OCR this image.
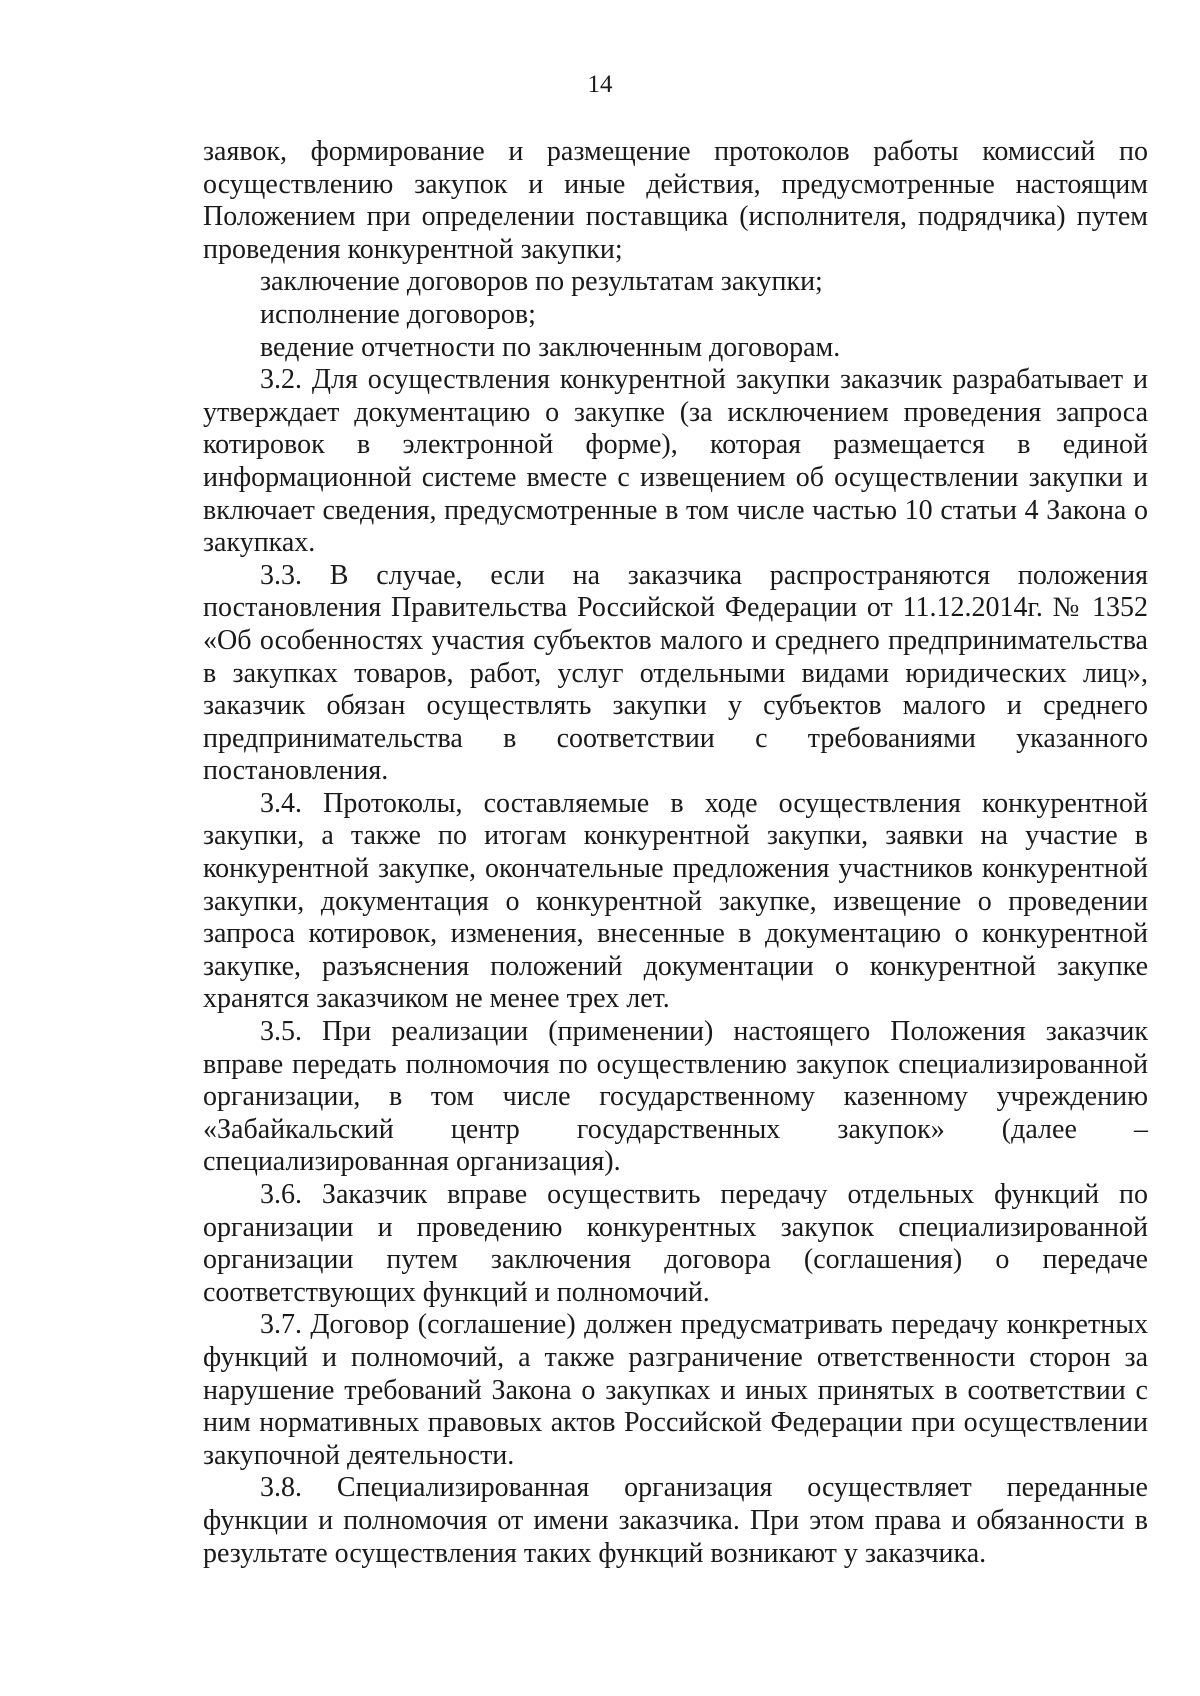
14

заявок, формирование и размещение протоколов работы комиссий по осуществлению закупок и иные действия, предусмотренные настоящим Положением при определении поставщика (исполнителя, подрядчика) путем проведения конкурентной закупки;

заключение договоров по результатам закупки;

исполнение договоров;

ведение отчетности по заключенным договорам.

3.2. Для осуществления конкурентной закупки заказчик разрабатывает и утверждает документацию о закупке (за исключением проведения запроса котировок в электронной форме), которая размещается в единой информационной системе вместе с извещением об осуществлении закупки и включает сведения, предусмотренные в том числе частью 10 статьи 4 Закона о закупках.

3.3. В случае, если на заказчика распространяются положения постановления Правительства Российской Федерации от 11.12.2014г. № 1352 «Об особенностях участия субъектов малого и среднего предпринимательства в закупках товаров, работ, услуг отдельными видами юридических лиц», заказчик обязан осуществлять закупки у субъектов малого и среднего предпринимательства в соответствии с требованиями указанного постановления.

3.4. Протоколы, составляемые в ходе осуществления конкурентной закупки, а также по итогам конкурентной закупки, заявки на участие в конкурентной закупке, окончательные предложения участников конкурентной закупки, документация о конкурентной закупке, извещение о проведении запроса котировок, изменения, внесенные в документацию о конкурентной закупке, разъяснения положений документации о конкурентной закупке хранятся заказчиком не менее трех лет.

3.5. При реализации (применении) настоящего Положения заказчик вправе передать полномочия по осуществлению закупок специализированной организации, в том числе государственному казенному учреждению «Забайкальский центр государственных закупок» (далее – специализированная организация).

3.6. Заказчик вправе осуществить передачу отдельных функций по организации и проведению конкурентных закупок специализированной организации путем заключения договора (соглашения) о передаче соответствующих функций и полномочий.

3.7. Договор (соглашение) должен предусматривать передачу конкретных функций и полномочий, а также разграничение ответственности сторон за нарушение требований Закона о закупках и иных принятых в соответствии с ним нормативных правовых актов Российской Федерации при осуществлении закупочной деятельности.

3.8. Специализированная организация осуществляет переданные функции и полномочия от имени заказчика. При этом права и обязанности в результате осуществления таких функций возникают у заказчика.
